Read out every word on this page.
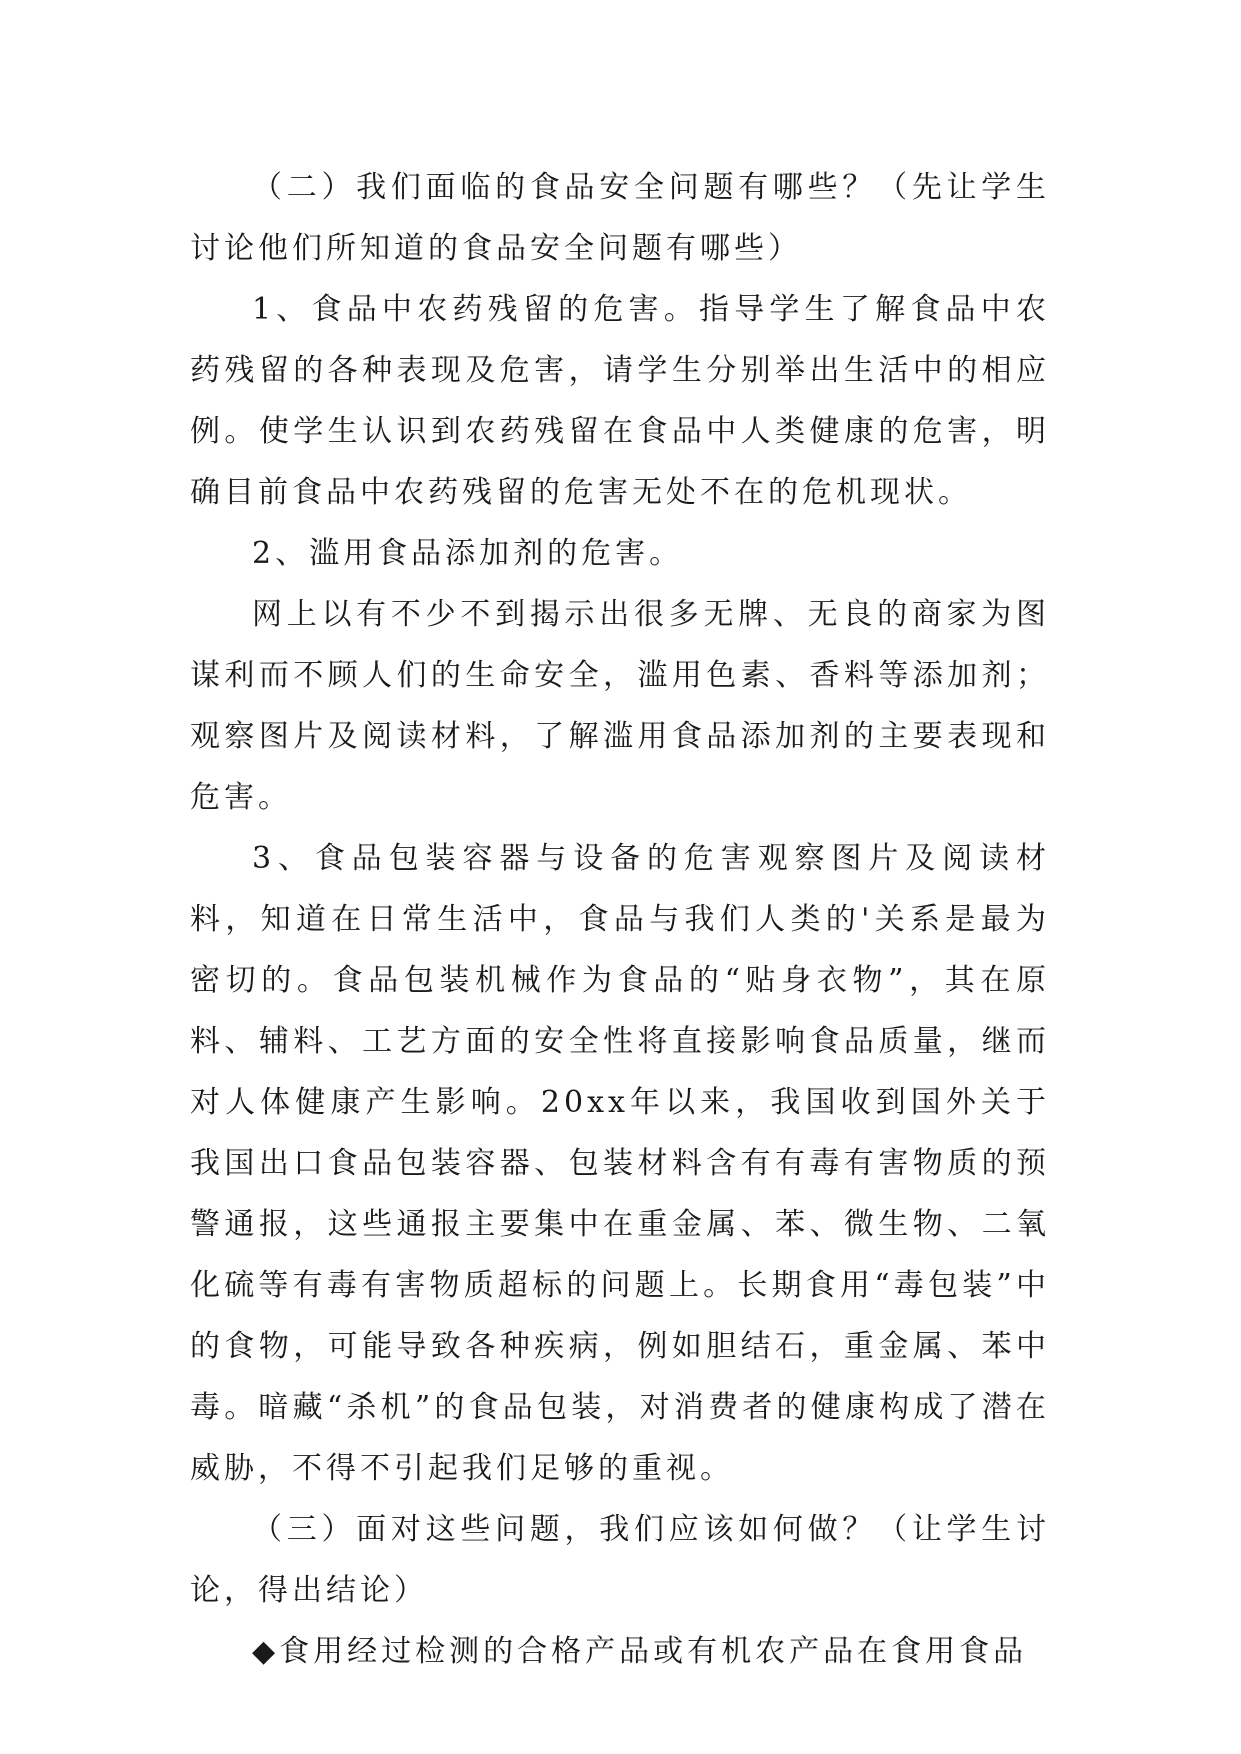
（二）我们面临的食品安全问题有哪些？（先让学生讨论他们所知道的食品安全问题有哪些）

1、食品中农药残留的危害。指导学生了解食品中农药残留的各种表现及危害，请学生分别举出生活中的相应例。使学生认识到农药残留在食品中人类健康的危害，明确目前食品中农药残留的危害无处不在的危机现状。

2、滥用食品添加剂的危害。

网上以有不少不到揭示出很多无牌、无良的商家为图谋利而不顾人们的生命安全，滥用色素、香料等添加剂；观察图片及阅读材料，了解滥用食品添加剂的主要表现和危害。

3、食品包装容器与设备的危害观察图片及阅读材料，知道在日常生活中，食品与我们人类的'关系是最为密切的。食品包装机械作为食品的“贴身衣物”，其在原料、辅料、工艺方面的安全性将直接影响食品质量，继而对人体健康产生影响。20xx年以来，我国收到国外关于我国出口食品包装容器、包装材料含有有毒有害物质的预警通报，这些通报主要集中在重金属、苯、微生物、二氧化硫等有毒有害物质超标的问题上。长期食用“毒包装”中的食物，可能导致各种疾病，例如胆结石，重金属、苯中毒。暗藏“杀机”的食品包装，对消费者的健康构成了潜在威胁，不得不引起我们足够的重视。

（三）面对这些问题，我们应该如何做？（让学生讨论，得出结论）

◆食用经过检测的合格产品或有机农产品在食用食品
